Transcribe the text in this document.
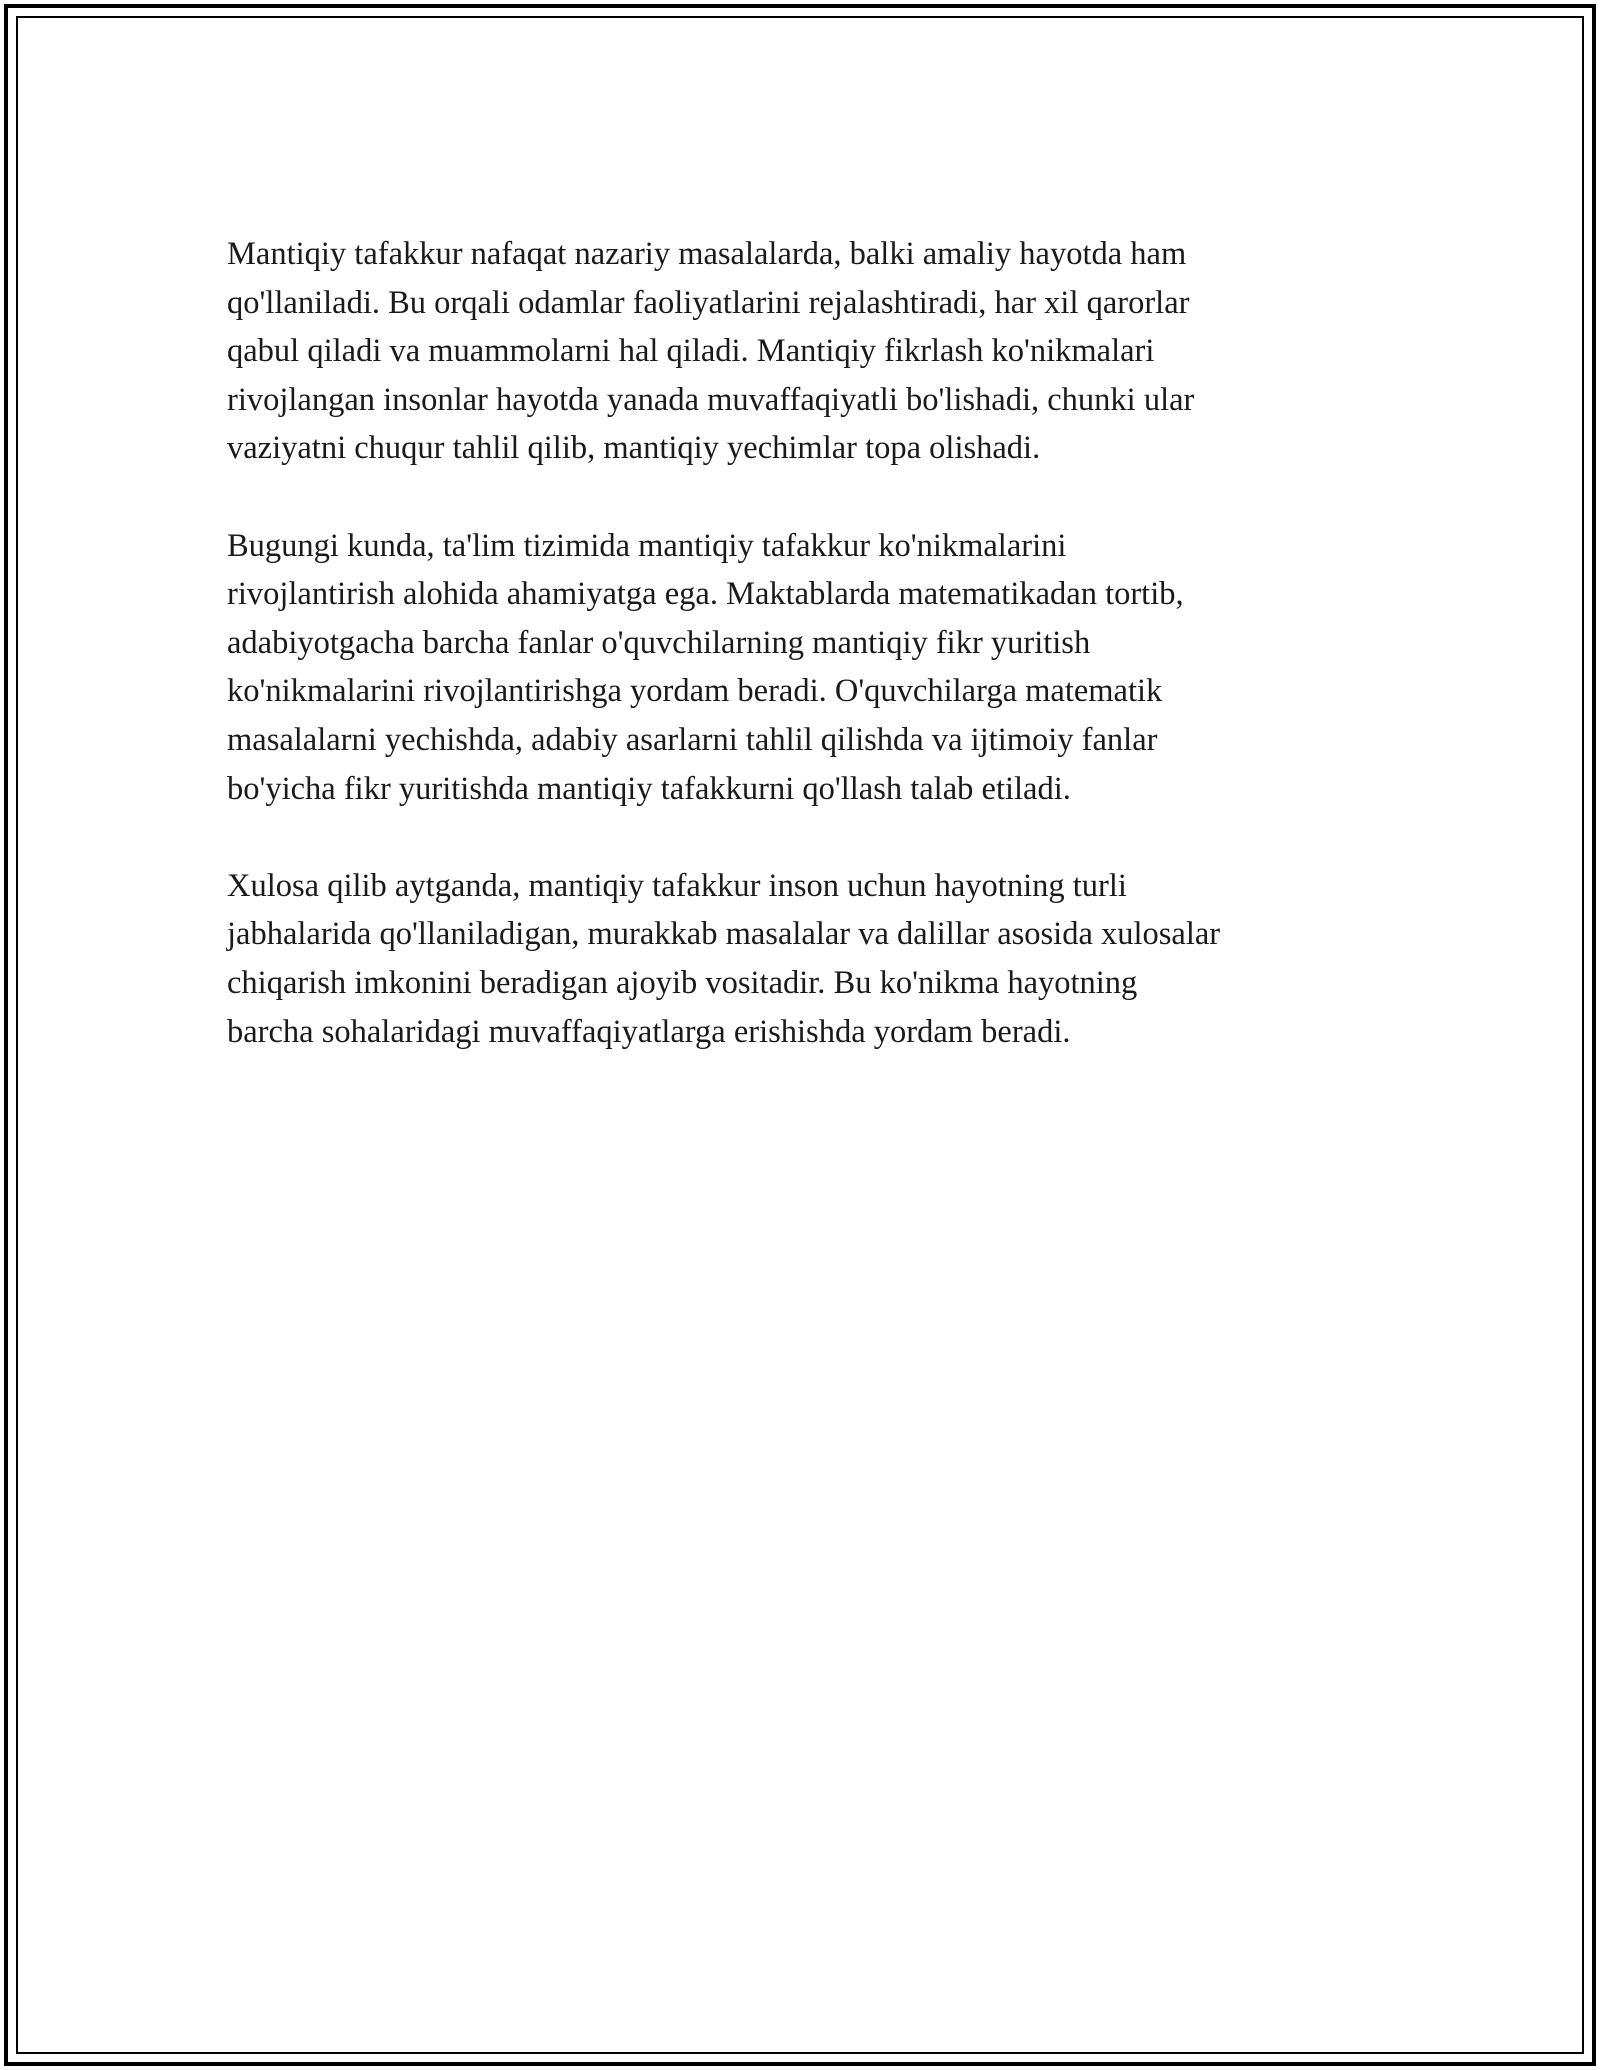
Mantiqiy tafakkur nafaqat nazariy masalalarda, balki amaliy hayotda ham
qo'llaniladi. Bu orqali odamlar faoliyatlarini rejalashtiradi, har xil qarorlar
qabul qiladi va muammolarni hal qiladi. Mantiqiy fikrlash ko'nikmalari
rivojlangan insonlar hayotda yanada muvaffaqiyatli bo'lishadi, chunki ular
vaziyatni chuqur tahlil qilib, mantiqiy yechimlar topa olishadi.

Bugungi kunda, ta'lim tizimida mantiqiy tafakkur ko'nikmalarini
rivojlantirish alohida ahamiyatga ega. Maktablarda matematikadan tortib,
adabiyotgacha barcha fanlar o'quvchilarning mantiqiy fikr yuritish
ko'nikmalarini rivojlantirishga yordam beradi. O'quvchilarga matematik
masalalarni yechishda, adabiy asarlarni tahlil qilishda va ijtimoiy fanlar
bo'yicha fikr yuritishda mantiqiy tafakkurni qo'llash talab etiladi.

Xulosa qilib aytganda, mantiqiy tafakkur inson uchun hayotning turli
jabhalarida qo'llaniladigan, murakkab masalalar va dalillar asosida xulosalar
chiqarish imkonini beradigan ajoyib vositadir. Bu ko'nikma hayotning
barcha sohalaridagi muvaffaqiyatlarga erishishda yordam beradi.
